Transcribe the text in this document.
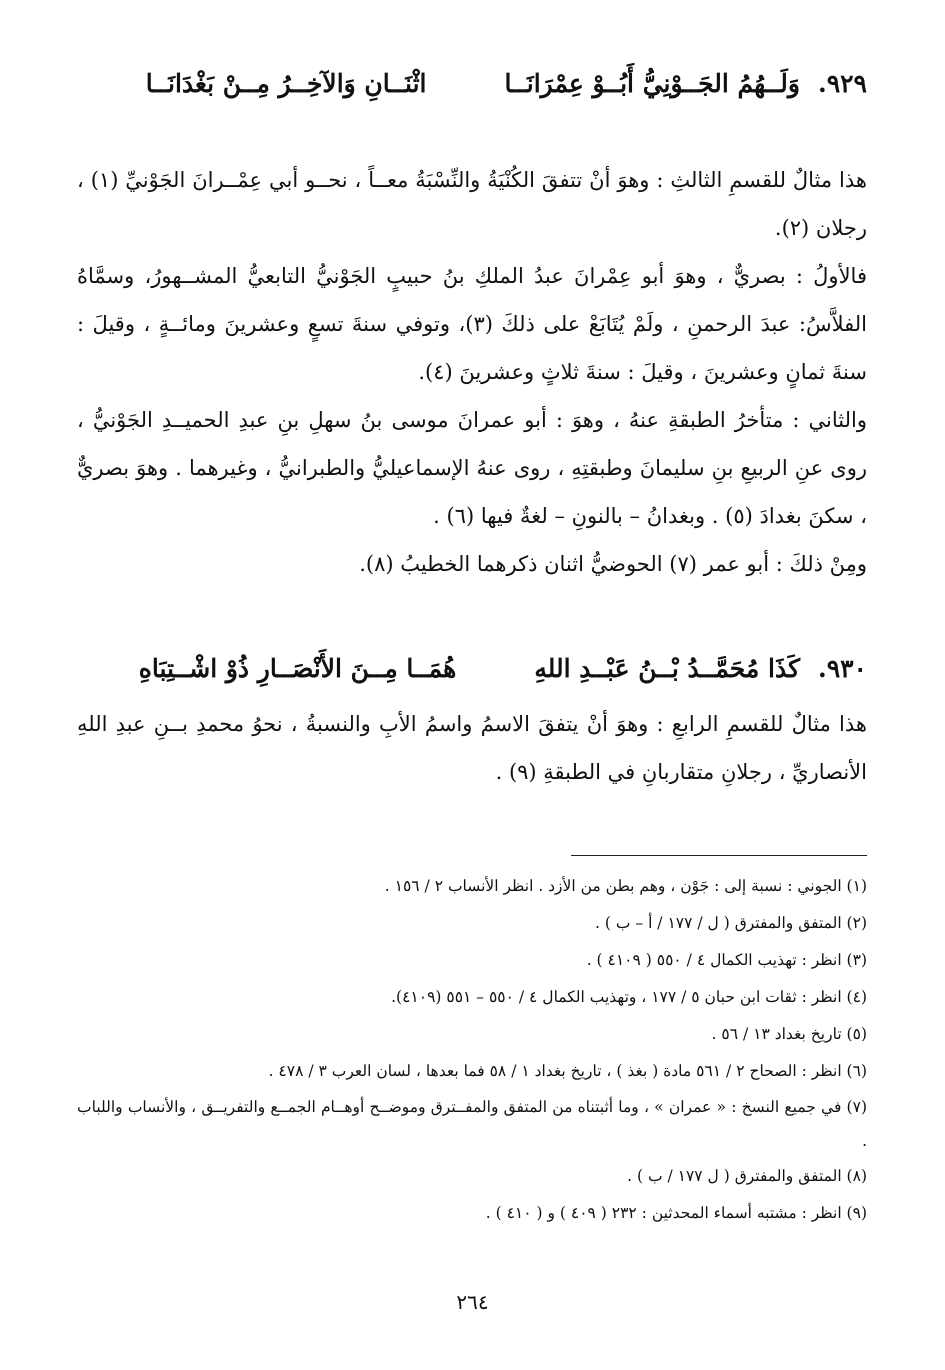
٩٢٩.
وَلَــهُمُ الجَــوْنِيُّ أَبُــوْ عِمْرَانَــا
اثْنَــانِ وَالآخِــرُ مِــنْ بَغْدَانَــا

هذا مثالٌ للقسمِ الثالثِ : وهوَ أنْ تتفقَ الكُنْيَةُ والنِّسْبَةُ معــاً ، نحــو أبي عِمْــرانَ الجَوْنيِّ (١) ، رجلان (٢).

فالأولُ : بصريٌّ ، وهوَ أبو عِمْرانَ عبدُ الملكِ بنُ حبيبٍ الجَوْنيُّ التابعيُّ المشــهورُ، وسمَّاهُ الفلاَّسُ: عبدَ الرحمنِ ، ولَمْ يُتَابَعْ على ذلكَ (٣)، وتوفي سنةَ تسعٍ وعشرينَ ومائــةٍ ، وقيلَ : سنةَ ثمانٍ وعشرينَ ، وقيلَ : سنةَ ثلاثٍ وعشرينَ (٤).

والثاني : متأخرُ الطبقةِ عنهُ ، وهوَ : أبو عمرانَ موسى بنُ سهلِ بنِ عبدِ الحميــدِ الجَوْنيُّ ، روى عنِ الربيعِ بنِ سليمانَ وطبقتِهِ ، روى عنهُ الإسماعيليُّ والطبرانيُّ ، وغيرهما . وهوَ بصريٌّ ، سكنَ بغدادَ (٥) . وبغدانُ – بالنونِ – لغةٌ فيها (٦) .

ومِنْ ذلكَ : أبو عمر (٧) الحوضيُّ اثنان ذكرهما الخطيبُ (٨).

٩٣٠.
كَذَا مُحَمَّــدُ بْــنُ عَبْــدِ اللهِ
هُمَــا مِــنَ الأَنْصَــارِ ذُوْ اشْــتِبَاهِ

هذا مثالٌ للقسمِ الرابعِ : وهوَ أنْ يتفقَ الاسمُ واسمُ الأبِ والنسبةُ ، نحوُ محمدِ بــنِ عبدِ اللهِ الأنصاريِّ ، رجلانِ متقاربانِ في الطبقةِ (٩) .

(١) الجوني : نسبة إلى : جَوْن ، وهم بطن من الأزد . انظر الأنساب ٢ / ١٥٦ .

(٢) المتفق والمفترق ( ل / ١٧٧ / أ – ب ) .

(٣) انظر : تهذيب الكمال ٤ / ٥٥٠ ( ٤١٠٩ ) .

(٤) انظر : ثقات ابن حبان ٥ / ١٧٧ ، وتهذيب الكمال ٤ / ٥٥٠ – ٥٥١ (٤١٠٩).

(٥) تاريخ بغداد ١٣ / ٥٦ .

(٦) انظر : الصحاح ٢ / ٥٦١ مادة ( بغذ ) ، تاريخ بغداد ١ / ٥٨ فما بعدها ، لسان العرب ٣ / ٤٧٨ .

(٧) في جميع النسخ : « عمران » ، وما أثبتناه من المتفق والمفــترق وموضــح أوهــام الجمــع والتفريــق ، والأنساب واللباب .

(٨) المتفق والمفترق ( ل ١٧٧ / ب ) .

(٩) انظر : مشتبه أسماء المحدثين : ٢٣٢ ( ٤٠٩ ) و ( ٤١٠ ) .

٢٦٤
